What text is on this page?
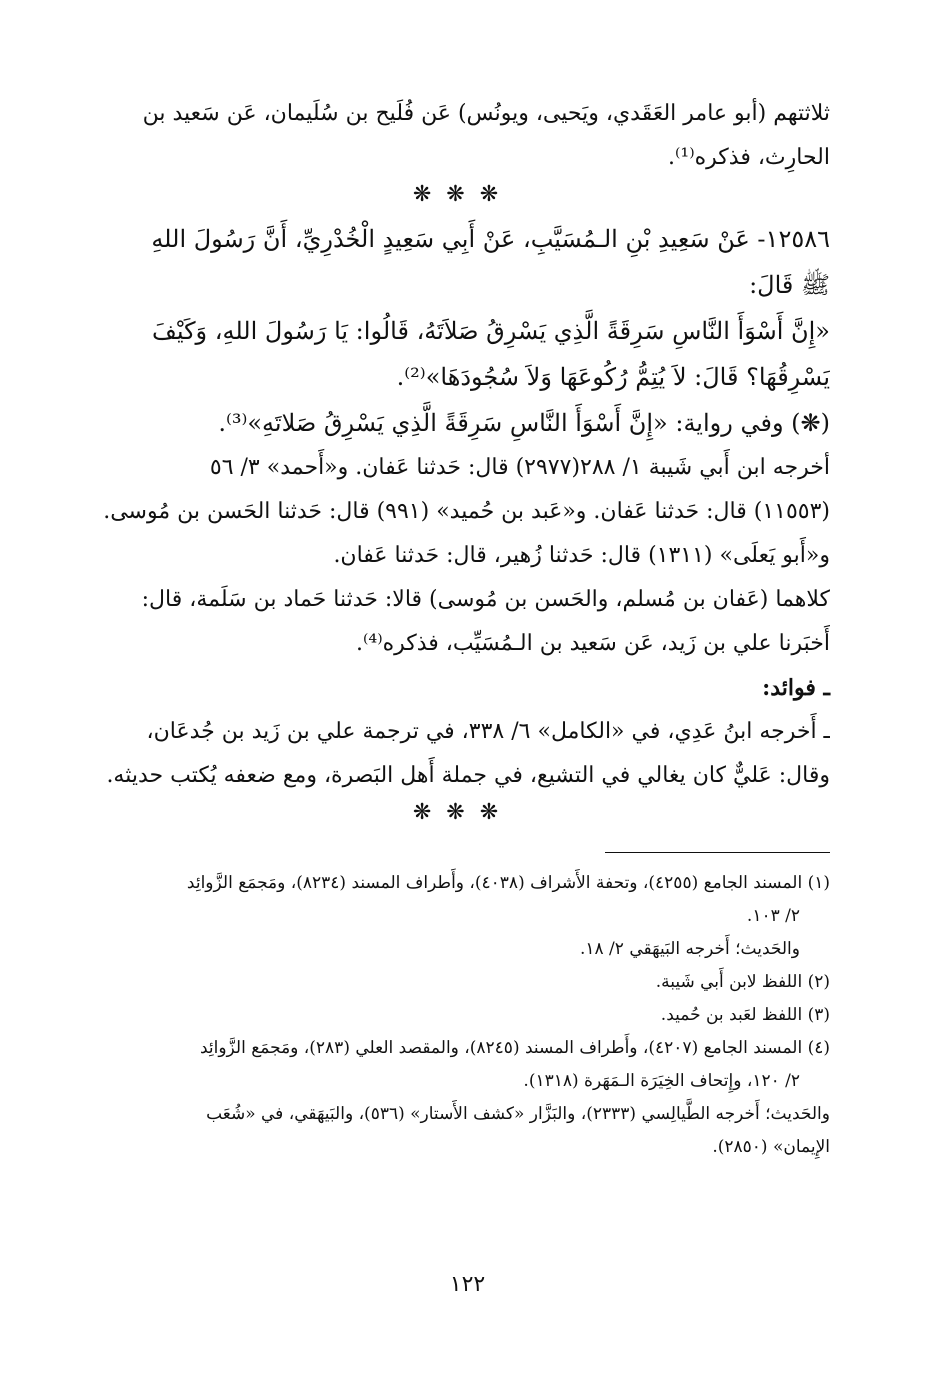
ثلاثتهم (أبو عامر العَقَدي، ويَحيى، ويونُس) عَن فُلَيح بن سُلَيمان، عَن سَعيد بن
الحارِث، فذكره⁽¹⁾.
❋ ❋ ❋
١٢٥٨٦- عَنْ سَعِيدِ بْنِ الـمُسَيَّبِ، عَنْ أَبِي سَعِيدٍ الْخُدْرِيِّ، أَنَّ رَسُولَ اللهِ
ﷺ قَالَ:
«إِنَّ أَسْوَأَ النَّاسِ سَرِقَةً الَّذِي يَسْرِقُ صَلاَتَهُ، قَالُوا: يَا رَسُولَ اللهِ، وَكَيْفَ
يَسْرِقُهَا؟ قَالَ: لاَ يُتِمُّ رُكُوعَهَا وَلاَ سُجُودَهَا»⁽²⁾.
(❋) وفي رواية: «إِنَّ أَسْوَأَ النَّاسِ سَرِقَةً الَّذِي يَسْرِقُ صَلاتَهِ»⁽³⁾.
أخرجه ابن أَبي شَيبة ١/ ٢٨٨(٢٩٧٧) قال: حَدثنا عَفان. و«أَحمد» ٣/ ٥٦
(١١٥٥٣) قال: حَدثنا عَفان. و«عَبد بن حُميد» (٩٩١) قال: حَدثنا الحَسن بن مُوسى.
و«أَبو يَعلَى» (١٣١١) قال: حَدثنا زُهير، قال: حَدثنا عَفان.
كلاهما (عَفان بن مُسلم، والحَسن بن مُوسى) قالا: حَدثنا حَماد بن سَلَمة، قال:
أَخبَرنا علي بن زَيد، عَن سَعيد بن الـمُسَيِّب، فذكره⁽⁴⁾.
ـ فوائد:
ـ أَخرجه ابنُ عَدِي، في «الكامل» ٦/ ٣٣٨، في ترجمة علي بن زَيد بن جُدعَان،
وقال: عَليٌّ كان يغالي في التشيع، في جملة أَهل البَصرة، ومع ضعفه يُكتب حديثه.
❋ ❋ ❋
(١) المسند الجامع (٤٢٥٥)، وتحفة الأَشراف (٤٠٣٨)، وأَطراف المسند (٨٢٣٤)، ومَجمَع الزَّوائِد
٢/ ١٠٣.
والحَديث؛ أَخرجه البَيهَقي ٢/ ١٨.
(٢) اللفظ لابن أَبي شَيبة.
(٣) اللفظ لعَبد بن حُميد.
(٤) المسند الجامع (٤٢٠٧)، وأَطراف المسند (٨٢٤٥)، والمقصد العلي (٢٨٣)، ومَجمَع الزَّوائِد
٢/ ١٢٠، وإِتحاف الخِيَرَة الـمَهَرة (١٣١٨).
والحَديث؛ أَخرجه الطَّيالِسي (٢٣٣٣)، والبَزَّار «كشف الأَستار» (٥٣٦)، والبَيهَقي، في «شُعَب
الإِيمان» (٢٨٥٠).
١٢٢
